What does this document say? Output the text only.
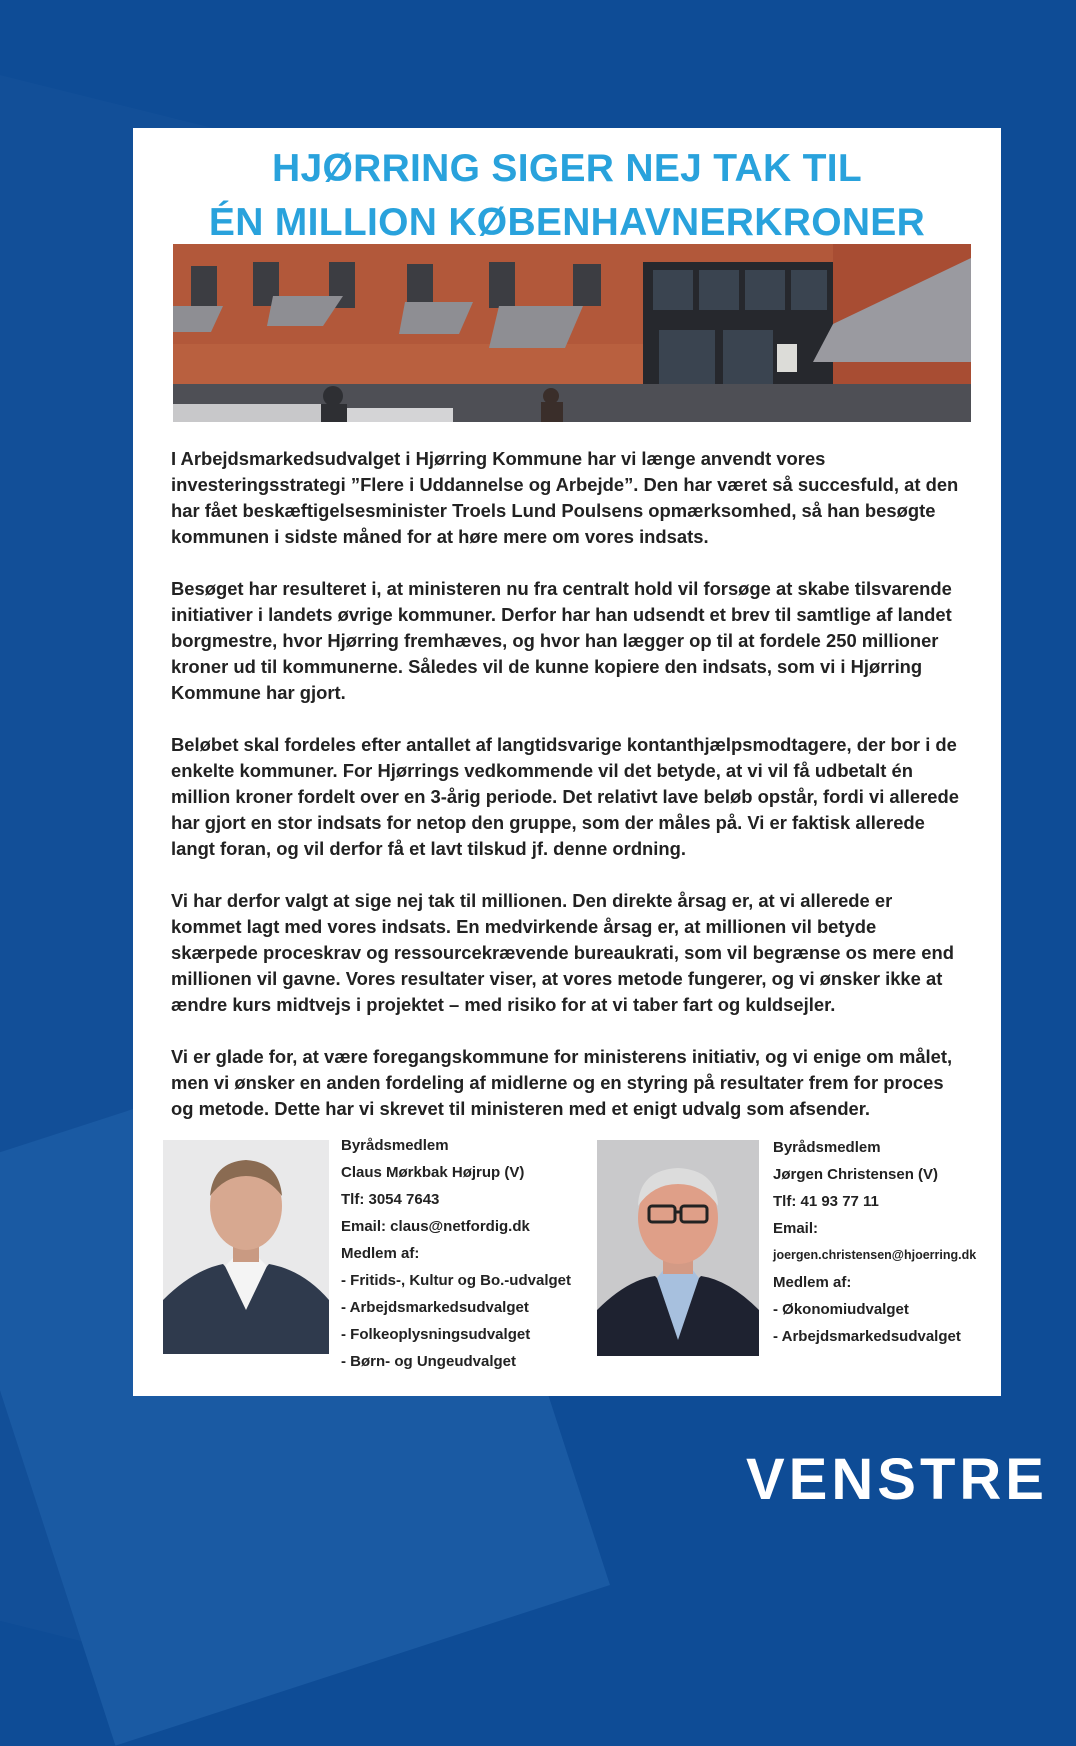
HJØRRING SIGER NEJ TAK TIL
ÉN MILLION KØBENHAVNERKRONER

I Arbejdsmarkedsudvalget i Hjørring Kommune har vi længe anvendt vores investeringsstrategi ”Flere i Uddannelse og Arbejde”. Den har været så succesfuld, at den har fået beskæftigelsesminister Troels Lund Poulsens opmærksomhed, så han besøgte kommunen i sidste måned for at høre mere om vores indsats.

Besøget har resulteret i, at ministeren nu fra centralt hold vil forsøge at skabe tilsvarende initiativer i landets øvrige kommuner. Derfor har han udsendt et brev til samtlige af landet borgmestre, hvor Hjørring fremhæves, og hvor han lægger op til at fordele 250 millioner kroner ud til kommunerne. Således vil de kunne kopiere den indsats, som vi i Hjørring Kommune har gjort.

Beløbet skal fordeles efter antallet af langtidsvarige kontanthjælpsmodtagere, der bor i de enkelte kommuner. For Hjørrings vedkommende vil det betyde, at vi vil få udbetalt én million kroner fordelt over en 3-årig periode. Det relativt lave beløb opstår, fordi vi allerede har gjort en stor indsats for netop den gruppe, som der måles på. Vi er faktisk allerede langt foran, og vil derfor få et lavt tilskud jf. denne ordning.

Vi har derfor valgt at sige nej tak til millionen. Den direkte årsag er, at vi allerede er kommet lagt med vores indsats. En medvirkende årsag er, at millionen vil betyde skærpede proceskrav og ressourcekrævende bureaukrati, som vil begrænse os mere end millionen vil gavne. Vores resultater viser, at vores metode fungerer, og vi ønsker ikke at ændre kurs midtvejs i projektet – med risiko for at vi taber fart og kuldsejler.

Vi er glade for, at være foregangskommune for ministerens initiativ, og vi enige om målet, men vi ønsker en anden fordeling af midlerne og en styring på resultater frem for proces og metode. Dette har vi skrevet til ministeren med et enigt udvalg som afsender.

Byrådsmedlem
Claus Mørkbak Højrup (V)
Tlf: 3054 7643
Email: claus@netfordig.dk
Medlem af:
- Fritids-, Kultur og Bo.-udvalget
- Arbejdsmarkedsudvalget
- Folkeoplysningsudvalget
- Børn- og Ungeudvalget
Byrådsmedlem
Jørgen Christensen (V)
Tlf: 41 93 77 11
Email:
joergen.christensen@hjoerring.dk
Medlem af:
- Økonomiudvalget
- Arbejdsmarkedsudvalget
VENSTRE
